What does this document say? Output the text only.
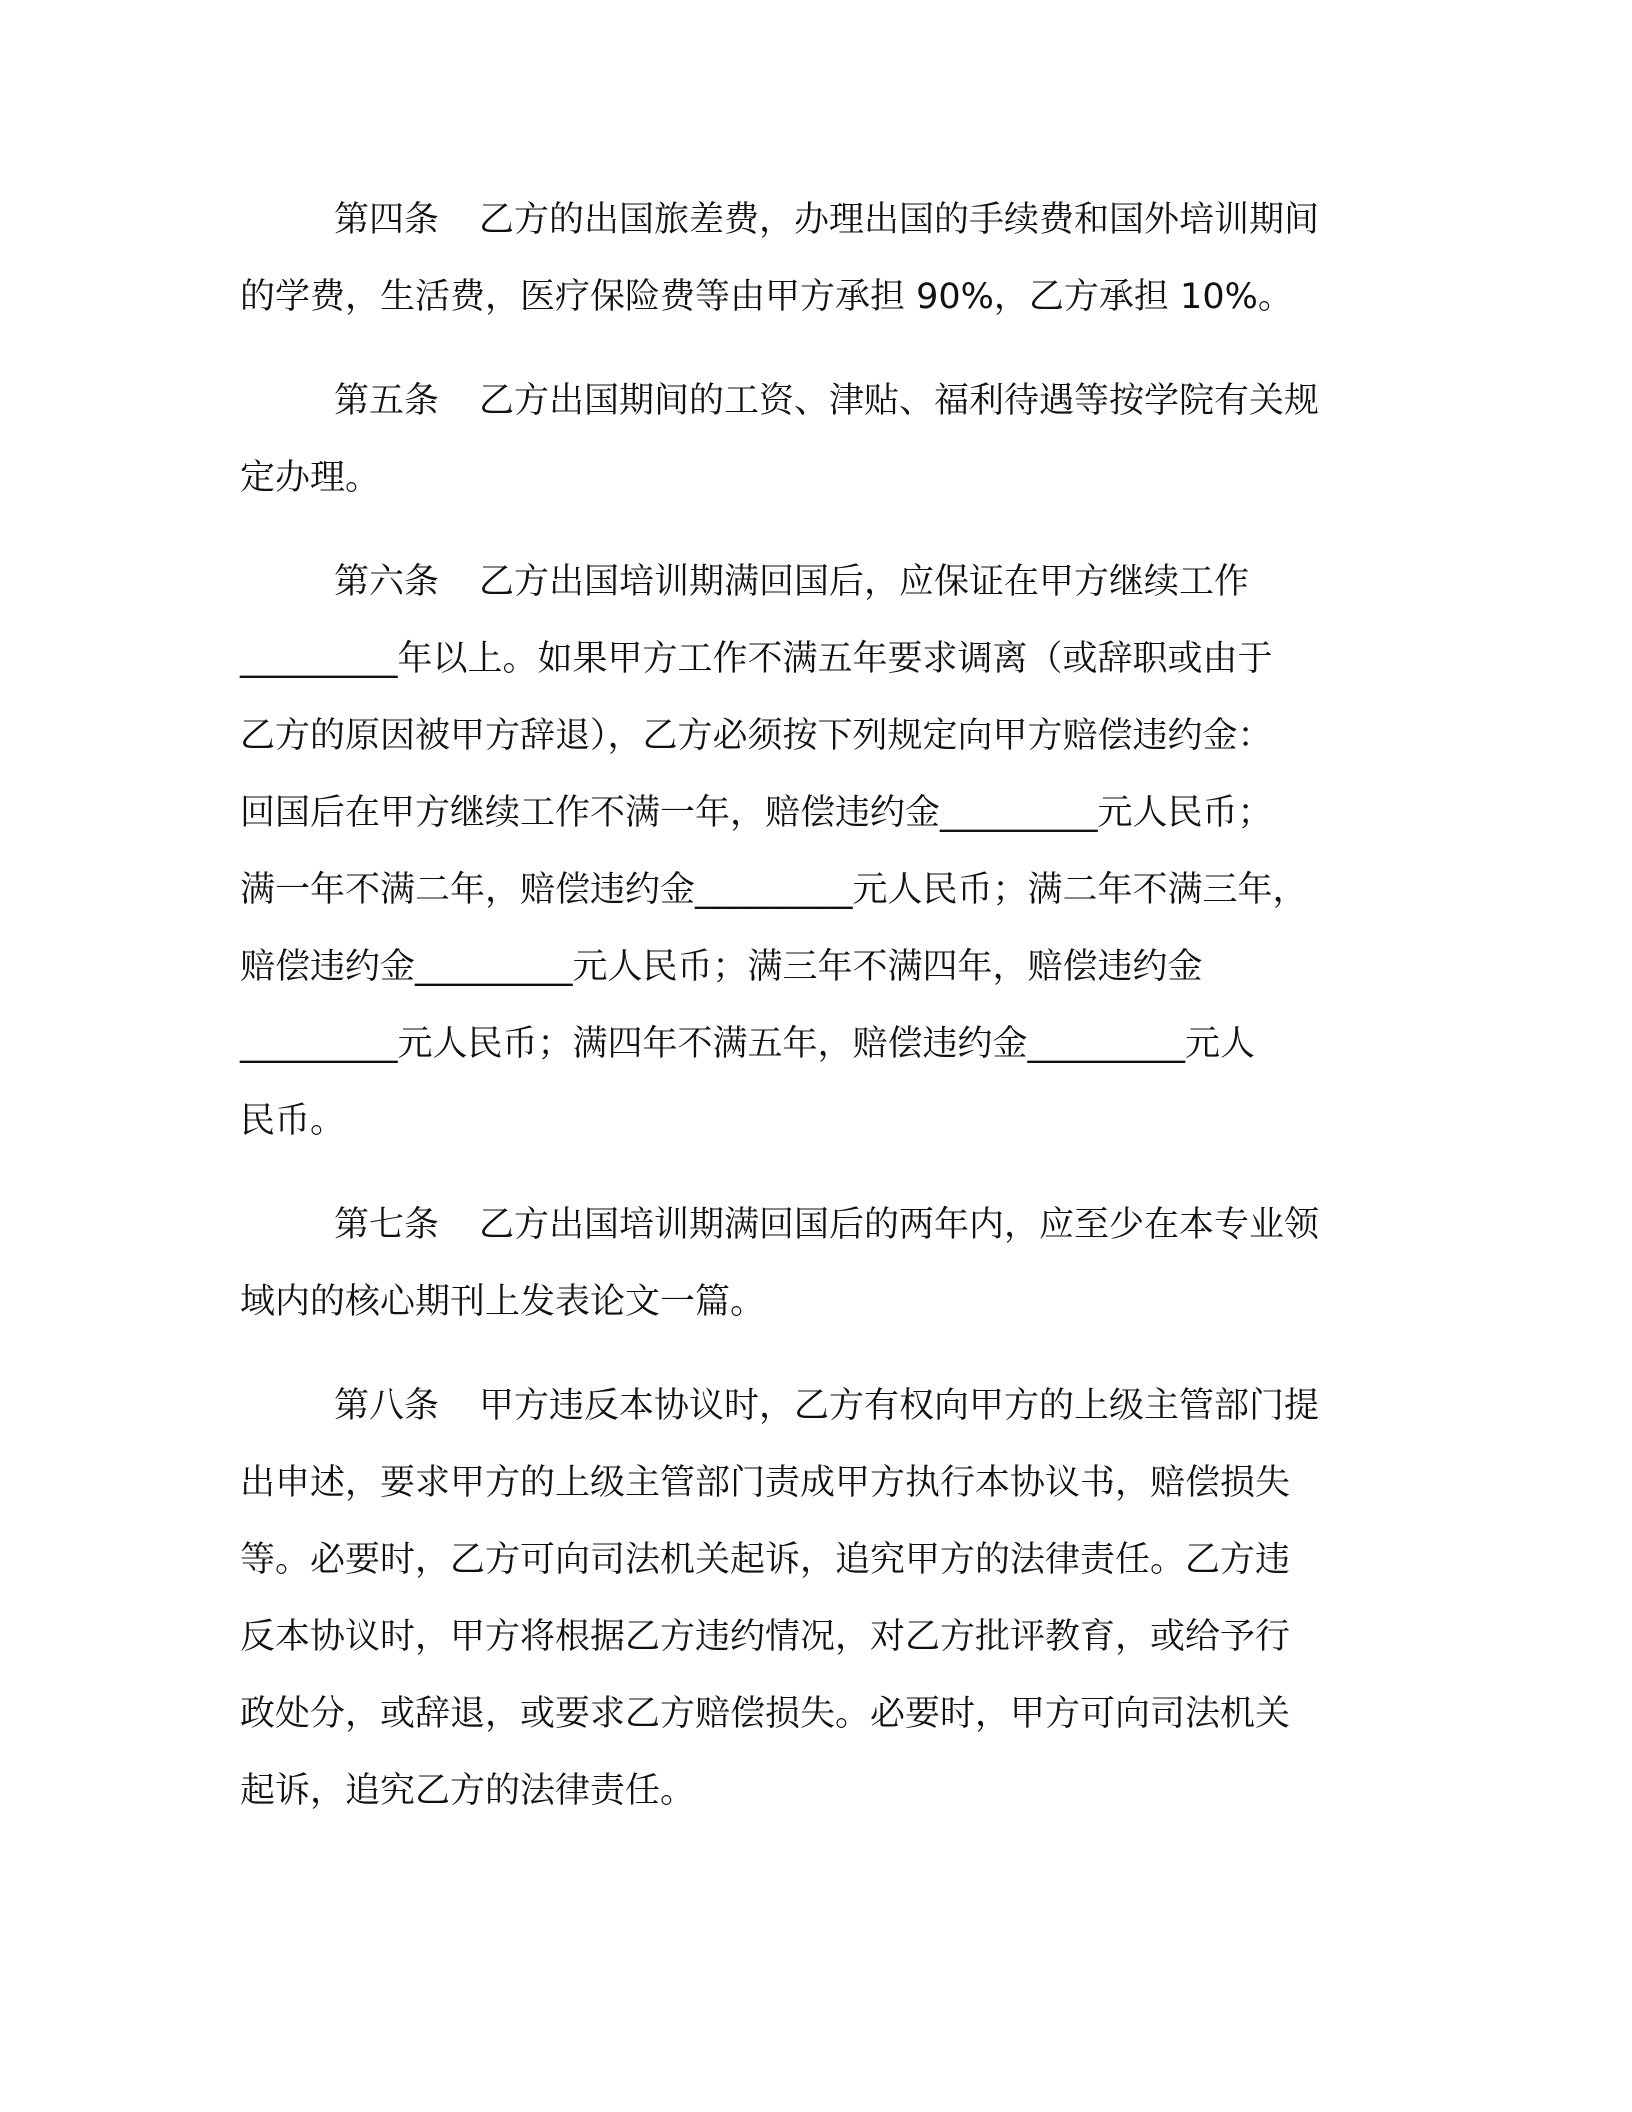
第四条 乙方的出国旅差费，办理出国的手续费和国外培训期间
的学费，生活费，医疗保险费等由甲方承担 90%，乙方承担 10%。

第五条 乙方出国期间的工资、津贴、福利待遇等按学院有关规
定办理。

第六条 乙方出国培训期满回国后，应保证在甲方继续工作
_________年以上。如果甲方工作不满五年要求调离（或辞职或由于
乙方的原因被甲方辞退），乙方必须按下列规定向甲方赔偿违约金：
回国后在甲方继续工作不满一年，赔偿违约金_________元人民币；
满一年不满二年，赔偿违约金_________元人民币；满二年不满三年，
赔偿违约金_________元人民币；满三年不满四年，赔偿违约金
_________元人民币；满四年不满五年，赔偿违约金_________元人
民币。

第七条 乙方出国培训期满回国后的两年内，应至少在本专业领
域内的核心期刊上发表论文一篇。

第八条 甲方违反本协议时，乙方有权向甲方的上级主管部门提
出申述，要求甲方的上级主管部门责成甲方执行本协议书，赔偿损失
等。必要时，乙方可向司法机关起诉，追究甲方的法律责任。乙方违
反本协议时，甲方将根据乙方违约情况，对乙方批评教育，或给予行
政处分，或辞退，或要求乙方赔偿损失。必要时，甲方可向司法机关
起诉，追究乙方的法律责任。
